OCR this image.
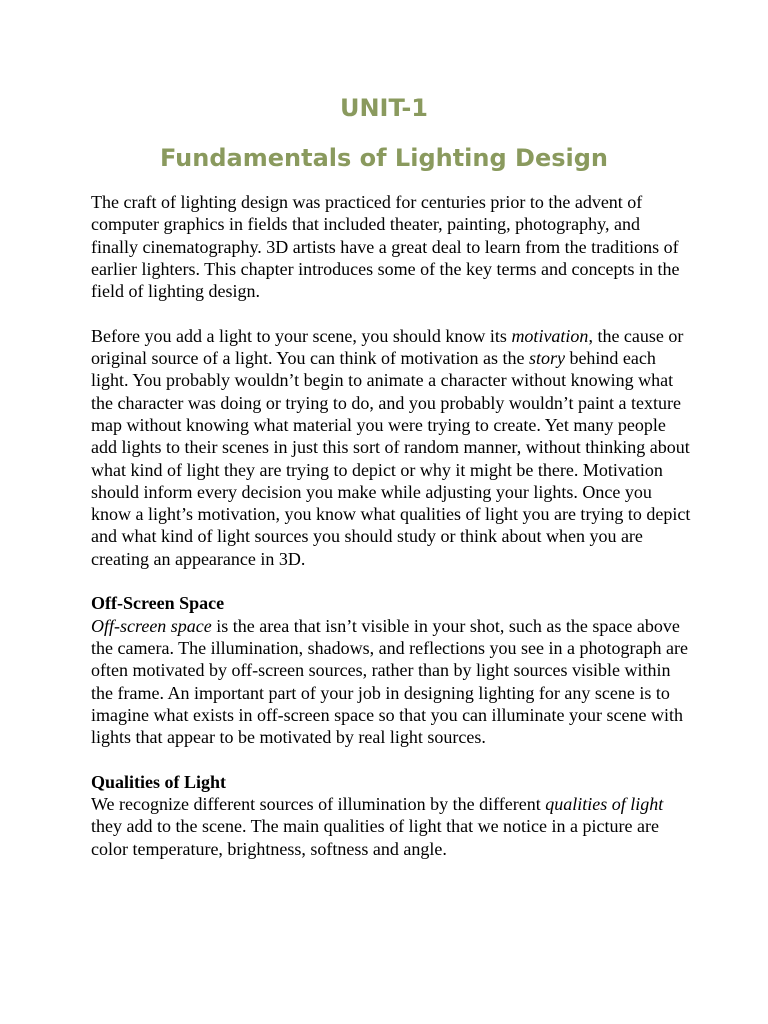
UNIT-1
Fundamentals of Lighting Design

The craft of lighting design was practiced for centuries prior to the advent of computer graphics in fields that included theater, painting, photography, and finally cinematography. 3D artists have a great deal to learn from the traditions of earlier lighters. This chapter introduces some of the key terms and concepts in the field of lighting design.

Before you add a light to your scene, you should know its motivation, the cause or original source of a light. You can think of motivation as the story behind each light. You probably wouldn’t begin to animate a character without knowing what the character was doing or trying to do, and you probably wouldn’t paint a texture map without knowing what material you were trying to create. Yet many people add lights to their scenes in just this sort of random manner, without thinking about what kind of light they are trying to depict or why it might be there. Motivation should inform every decision you make while adjusting your lights. Once you know a light’s motivation, you know what qualities of light you are trying to depict and what kind of light sources you should study or think about when you are creating an appearance in 3D.

Off-Screen Space

Off-screen space is the area that isn’t visible in your shot, such as the space above the camera. The illumination, shadows, and reflections you see in a photograph are often motivated by off-screen sources, rather than by light sources visible within the frame. An important part of your job in designing lighting for any scene is to imagine what exists in off-screen space so that you can illuminate your scene with lights that appear to be motivated by real light sources.

Qualities of Light

We recognize different sources of illumination by the different qualities of light they add to the scene. The main qualities of light that we notice in a picture are color temperature, brightness, softness and angle.
